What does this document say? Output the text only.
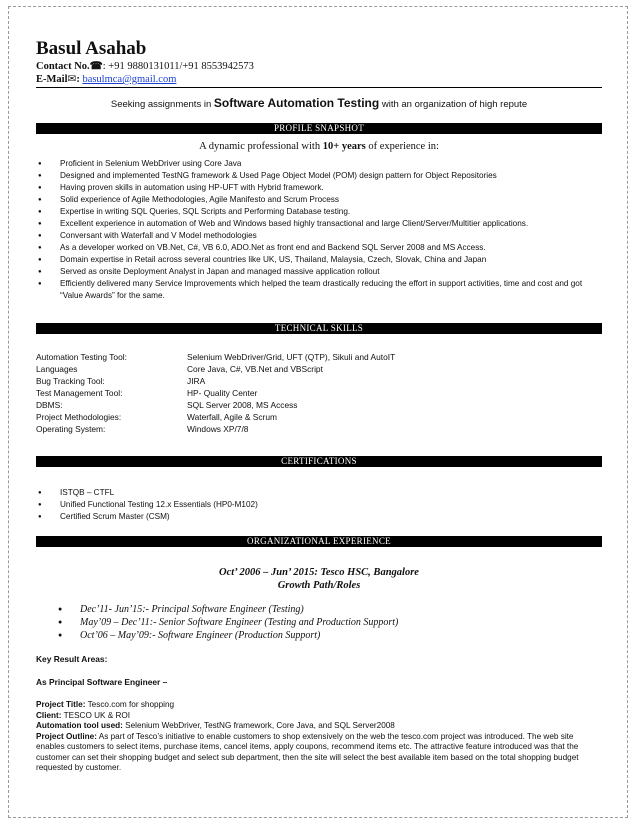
Basul Asahab
Contact No.☎: +91 9880131011/+91 8553942573
E-Mail✉: basulmca@gmail.com
Seeking assignments in Software Automation Testing with an organization of high repute
PROFILE SNAPSHOT
A dynamic professional with 10+ years of experience in:
● Proficient in Selenium WebDriver using Core Java
● Designed and implemented TestNG framework & Used Page Object Model (POM) design pattern for Object Repositories
● Having proven skills in automation using HP-UFT with Hybrid framework.
● Solid experience of Agile Methodologies, Agile Manifesto and Scrum Process
● Expertise in writing SQL Queries, SQL Scripts and Performing Database testing.
● Excellent experience in automation of Web and Windows based highly transactional and large Client/Server/Multitier applications.
● Conversant with Waterfall and V Model methodologies
● As a developer worked on VB.Net, C#, VB 6.0, ADO.Net as front end and Backend SQL Server 2008 and MS Access.
● Domain expertise in Retail across several countries like UK, US, Thailand, Malaysia, Czech, Slovak, China and Japan
● Served as onsite Deployment Analyst in Japan and managed massive application rollout
● Efficiently delivered many Service Improvements which helped the team drastically reducing the effort in support activities, time and cost and got “Value Awards” for the same.
TECHNICAL SKILLS
Automation Testing Tool:	Selenium WebDriver/Grid, UFT (QTP), Sikuli and AutoIT
Languages	Core Java, C#, VB.Net and VBScript
Bug Tracking Tool:	JIRA
Test Management Tool:	HP- Quality Center
DBMS:	SQL Server 2008, MS Access
Project Methodologies:	Waterfall, Agile & Scrum
Operating System:	Windows XP/7/8
CERTIFICATIONS
● ISTQB – CTFL
● Unified Functional Testing 12.x Essentials (HP0-M102)
● Certified Scrum Master (CSM)
ORGANIZATIONAL EXPERIENCE
Oct’ 2006 – Jun’ 2015: Tesco HSC, Bangalore
Growth Path/Roles
● Dec’11- Jun’15:- Principal Software Engineer (Testing)
● May’09 – Dec’11:- Senior Software Engineer (Testing and Production Support)
● Oct’06 – May’09:- Software Engineer (Production Support)
Key Result Areas:
As Principal Software Engineer –
Project Title: Tesco.com for shopping
Client: TESCO UK & ROI
Automation tool used: Selenium WebDriver, TestNG framework, Core Java, and SQL Server2008
Project Outline: As part of Tesco’s initiative to enable customers to shop extensively on the web the tesco.com project was introduced. The web site enables customers to select items, purchase items, cancel items, apply coupons, recommend items etc. The attractive feature introduced was that the customer can set their shopping budget and select sub department, then the site will select the best available item based on the total shopping budget requested by customer.
